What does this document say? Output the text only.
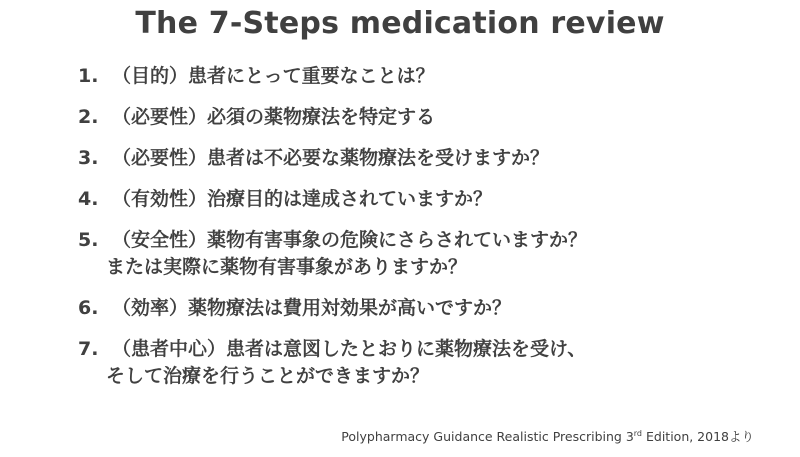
The 7-Steps medication review
1. （目的）患者にとって重要なことは？
2. （必要性）必須の薬物療法を特定する
3. （必要性）患者は不必要な薬物療法を受けますか？
4. （有効性）治療目的は達成されていますか？
5. （安全性）薬物有害事象の危険にさらされていますか？
または実際に薬物有害事象がありますか？
6. （効率）薬物療法は費用対効果が高いですか？
7. （患者中心）患者は意図したとおりに薬物療法を受け、
そして治療を行うことができますか？
Polypharmacy Guidance Realistic Prescribing 3rd Edition, 2018より
